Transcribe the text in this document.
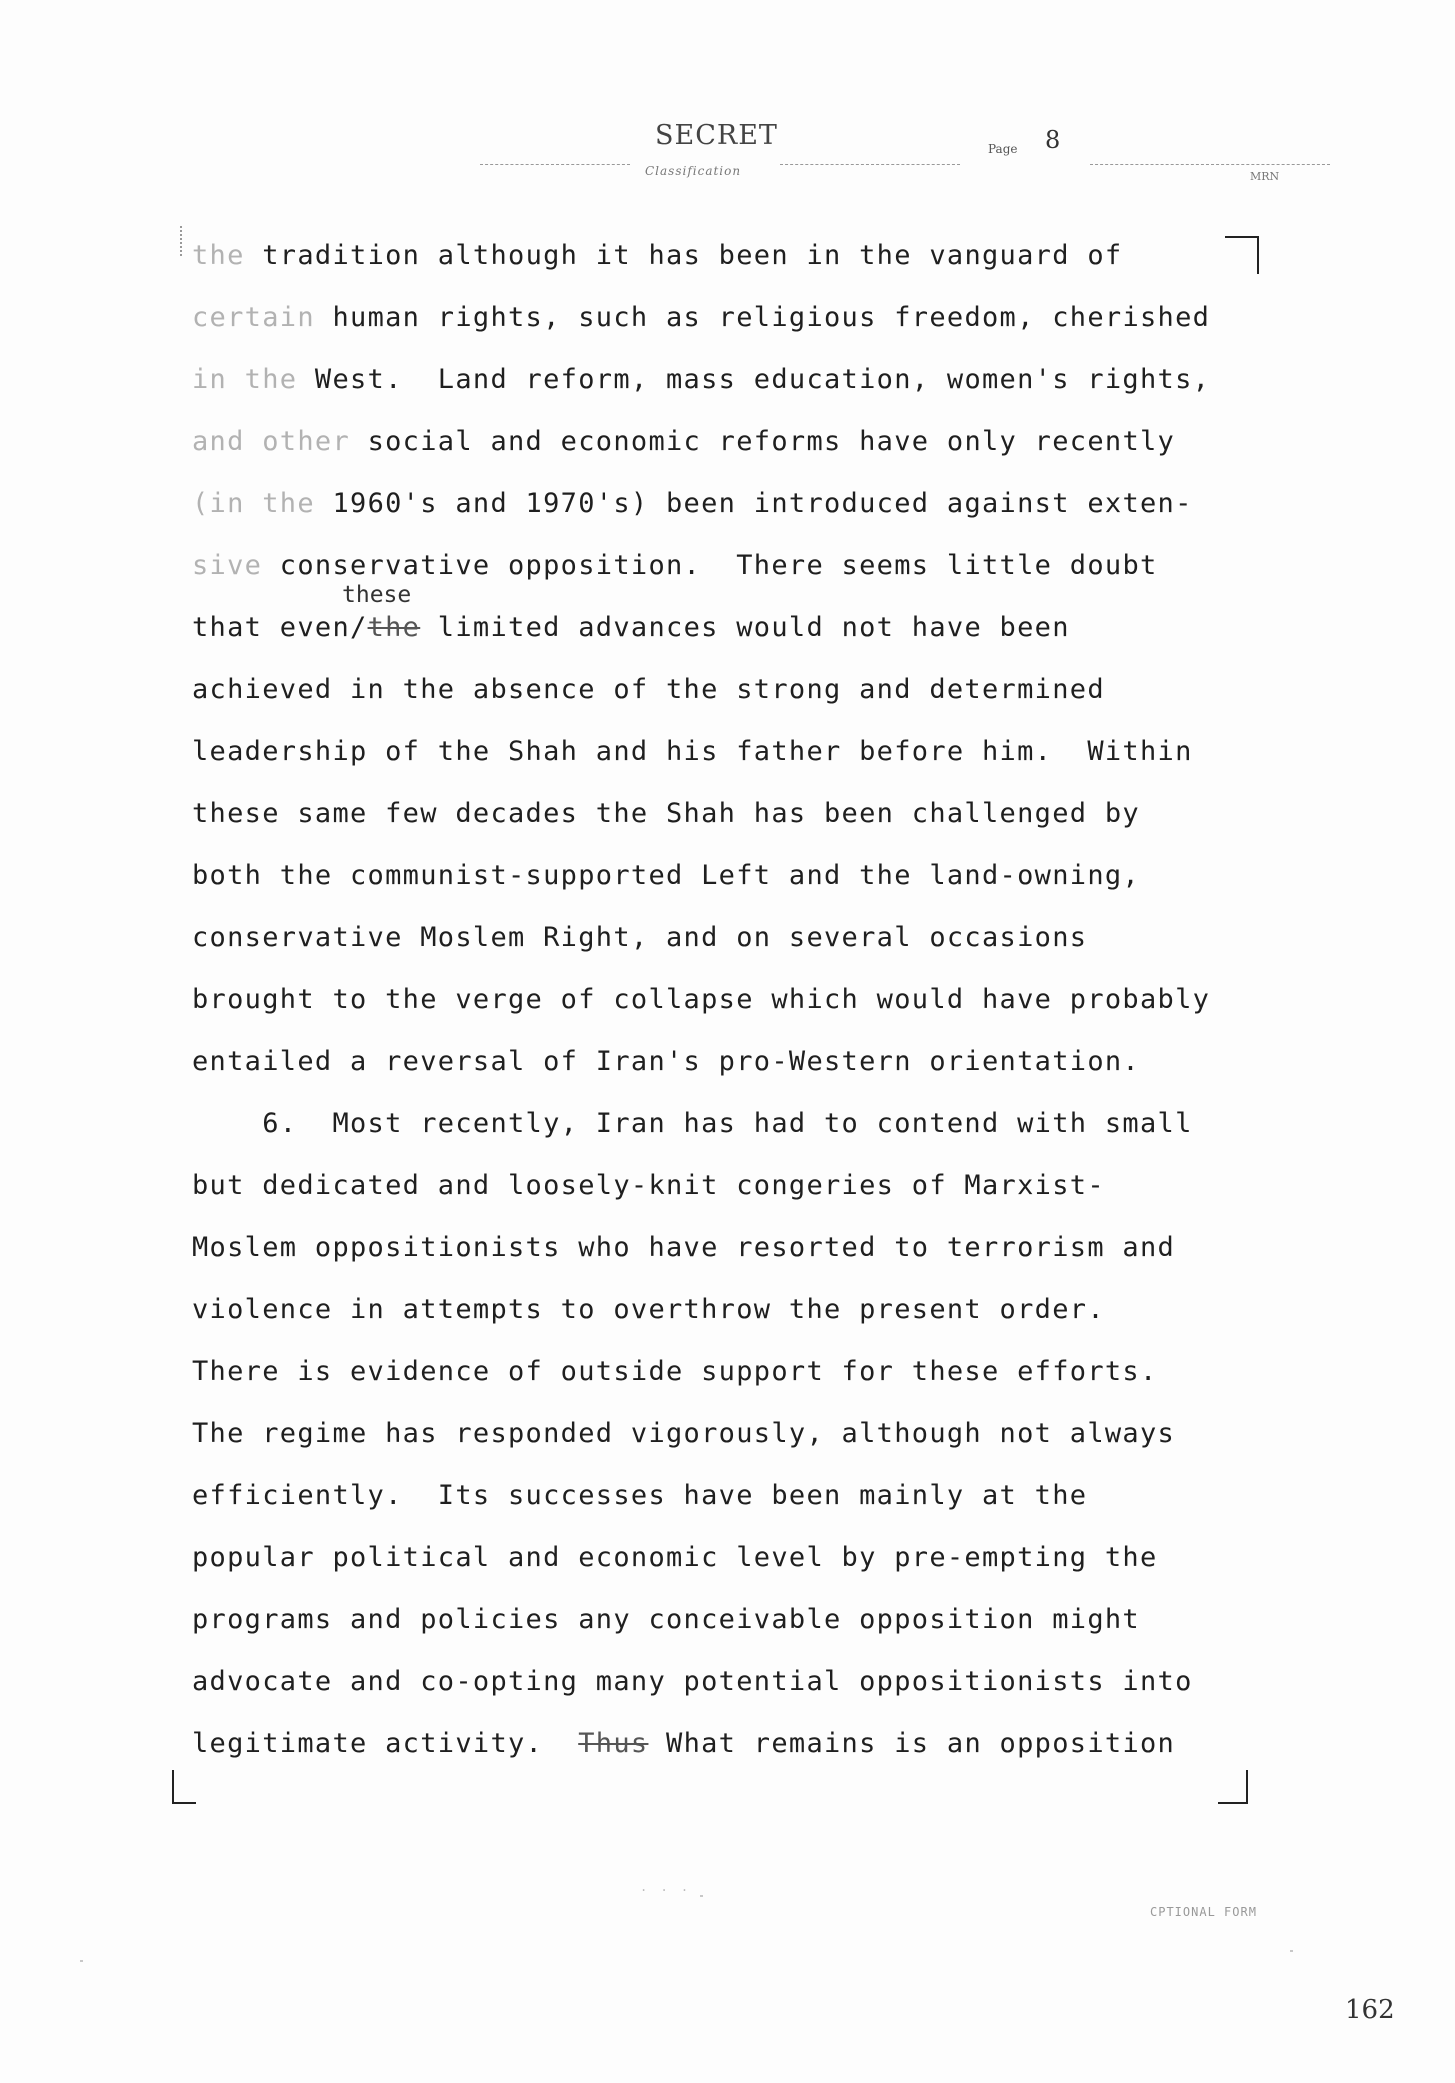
SECRET
Classification
Page 8
MRN
the tradition although it has been in the vanguard of
certain human rights, such as religious freedom, cherished
in the West.  Land reform, mass education, women's rights,
and other social and economic reforms have only recently
(in the 1960's and 1970's) been introduced against exten-
sive conservative opposition.  There seems little doubt
that even/the limited advances would not have been
achieved in the absence of the strong and determined
leadership of the Shah and his father before him.  Within
these same few decades the Shah has been challenged by
both the communist-supported Left and the land-owning,
conservative Moslem Right, and on several occasions
brought to the verge of collapse which would have probably
entailed a reversal of Iran's pro-Western orientation.
6.  Most recently, Iran has had to contend with small
but dedicated and loosely-knit congeries of Marxist-
Moslem oppositionists who have resorted to terrorism and
violence in attempts to overthrow the present order.
There is evidence of outside support for these efforts.
The regime has responded vigorously, although not always
efficiently.  Its successes have been mainly at the
popular political and economic level by pre-empting the
programs and policies any conceivable opposition might
advocate and co-opting many potential oppositionists into
legitimate activity.  Thus What remains is an opposition
these
. . .
CPTIONAL FORM
162
